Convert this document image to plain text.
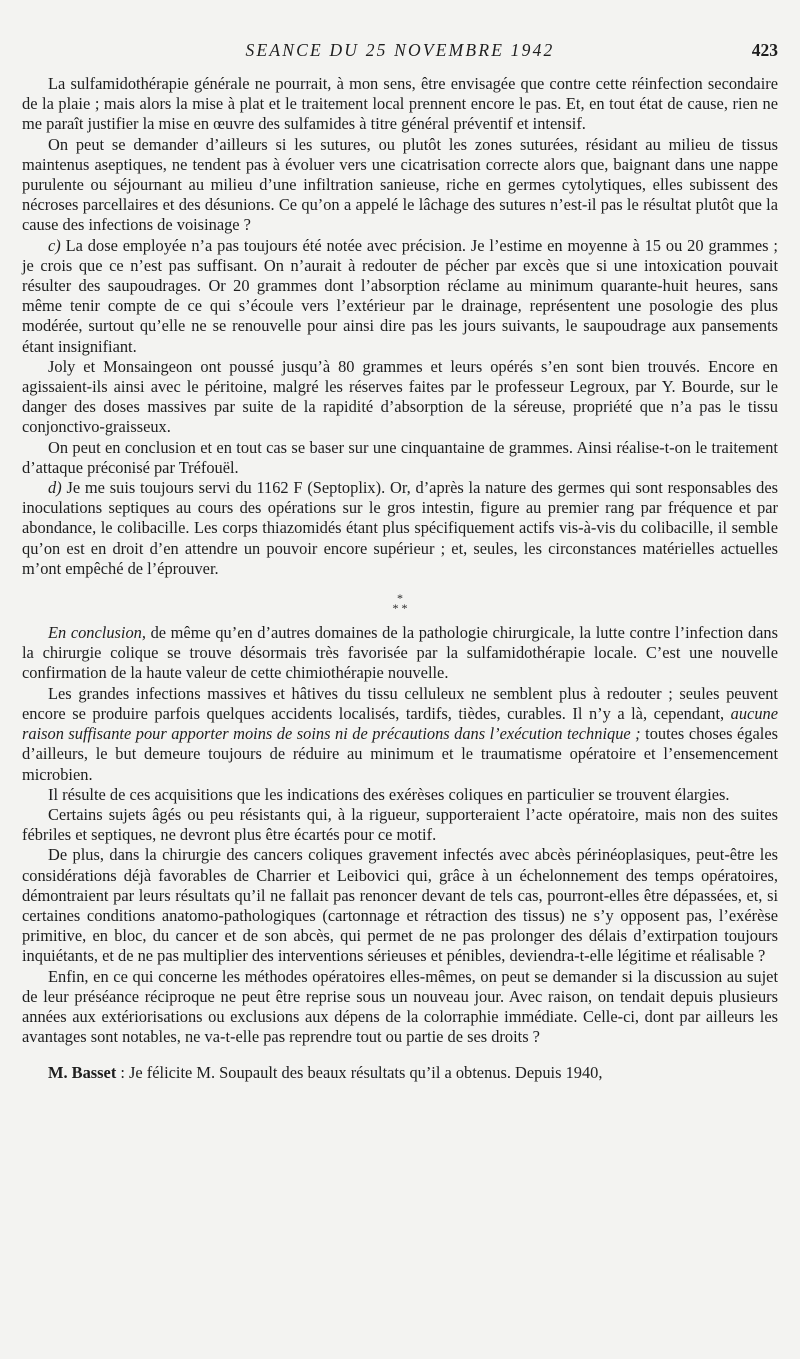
SEANCE DU 25 NOVEMBRE 1942	423

La sulfamidothérapie générale ne pourrait, à mon sens, être envisagée que contre cette réinfection secondaire de la plaie ; mais alors la mise à plat et le traitement local prennent encore le pas. Et, en tout état de cause, rien ne me paraît justifier la mise en œuvre des sulfamides à titre général préventif et intensif.

On peut se demander d’ailleurs si les sutures, ou plutôt les zones suturées, résidant au milieu de tissus maintenus aseptiques, ne tendent pas à évoluer vers une cicatrisation correcte alors que, baignant dans une nappe purulente ou séjournant au milieu d’une infiltration sanieuse, riche en germes cytolytiques, elles subissent des nécroses parcellaires et des désunions. Ce qu’on a appelé le lâchage des sutures n’est-il pas le résultat plutôt que la cause des infections de voisinage ?

c) La dose employée n’a pas toujours été notée avec précision. Je l’estime en moyenne à 15 ou 20 grammes ; je crois que ce n’est pas suffisant. On n’aurait à redouter de pécher par excès que si une intoxication pouvait résulter des saupoudrages. Or 20 grammes dont l’absorption réclame au minimum quarante-huit heures, sans même tenir compte de ce qui s’écoule vers l’extérieur par le drainage, représentent une posologie des plus modérée, surtout qu’elle ne se renouvelle pour ainsi dire pas les jours suivants, le saupoudrage aux pansements étant insignifiant.

Joly et Monsaingeon ont poussé jusqu’à 80 grammes et leurs opérés s’en sont bien trouvés. Encore en agissaient-ils ainsi avec le péritoine, malgré les réserves faites par le professeur Legroux, par Y. Bourde, sur le danger des doses massives par suite de la rapidité d’absorption de la séreuse, propriété que n’a pas le tissu conjonctivo-graisseux.

On peut en conclusion et en tout cas se baser sur une cinquantaine de grammes. Ainsi réalise-t-on le traitement d’attaque préconisé par Tréfouël.

d) Je me suis toujours servi du 1162 F (Septoplix). Or, d’après la nature des germes qui sont responsables des inoculations septiques au cours des opérations sur le gros intestin, figure au premier rang par fréquence et par abondance, le colibacille. Les corps thiazomidés étant plus spécifiquement actifs vis-à-vis du colibacille, il semble qu’on est en droit d’en attendre un pouvoir encore supérieur ; et, seules, les circonstances matérielles actuelles m’ont empêché de l’éprouver.

*
* *

En conclusion, de même qu’en d’autres domaines de la pathologie chirurgicale, la lutte contre l’infection dans la chirurgie colique se trouve désormais très favorisée par la sulfamidothérapie locale. C’est une nouvelle confirmation de la haute valeur de cette chimiothérapie nouvelle.

Les grandes infections massives et hâtives du tissu celluleux ne semblent plus à redouter ; seules peuvent encore se produire parfois quelques accidents localisés, tardifs, tièdes, curables. Il n’y a là, cependant, aucune raison suffisante pour apporter moins de soins ni de précautions dans l’exécution technique ; toutes choses égales d’ailleurs, le but demeure toujours de réduire au minimum et le traumatisme opératoire et l’ensemencement microbien.

Il résulte de ces acquisitions que les indications des exérèses coliques en particulier se trouvent élargies.

Certains sujets âgés ou peu résistants qui, à la rigueur, supporteraient l’acte opératoire, mais non des suites fébriles et septiques, ne devront plus être écartés pour ce motif.

De plus, dans la chirurgie des cancers coliques gravement infectés avec abcès périnéoplasiques, peut-être les considérations déjà favorables de Charrier et Leibovici qui, grâce à un échelonnement des temps opératoires, démontraient par leurs résultats qu’il ne fallait pas renoncer devant de tels cas, pourront-elles être dépassées, et, si certaines conditions anatomo-pathologiques (cartonnage et rétraction des tissus) ne s’y opposent pas, l’exérèse primitive, en bloc, du cancer et de son abcès, qui permet de ne pas prolonger des délais d’extirpation toujours inquiétants, et de ne pas multiplier des interventions sérieuses et pénibles, deviendra-t-elle légitime et réalisable ?

Enfin, en ce qui concerne les méthodes opératoires elles-mêmes, on peut se demander si la discussion au sujet de leur préséance réciproque ne peut être reprise sous un nouveau jour. Avec raison, on tendait depuis plusieurs années aux extériorisations ou exclusions aux dépens de la colorraphie immédiate. Celle-ci, dont par ailleurs les avantages sont notables, ne va-t-elle pas reprendre tout ou partie de ses droits ?

M. Basset : Je félicite M. Soupault des beaux résultats qu’il a obtenus. Depuis 1940,
